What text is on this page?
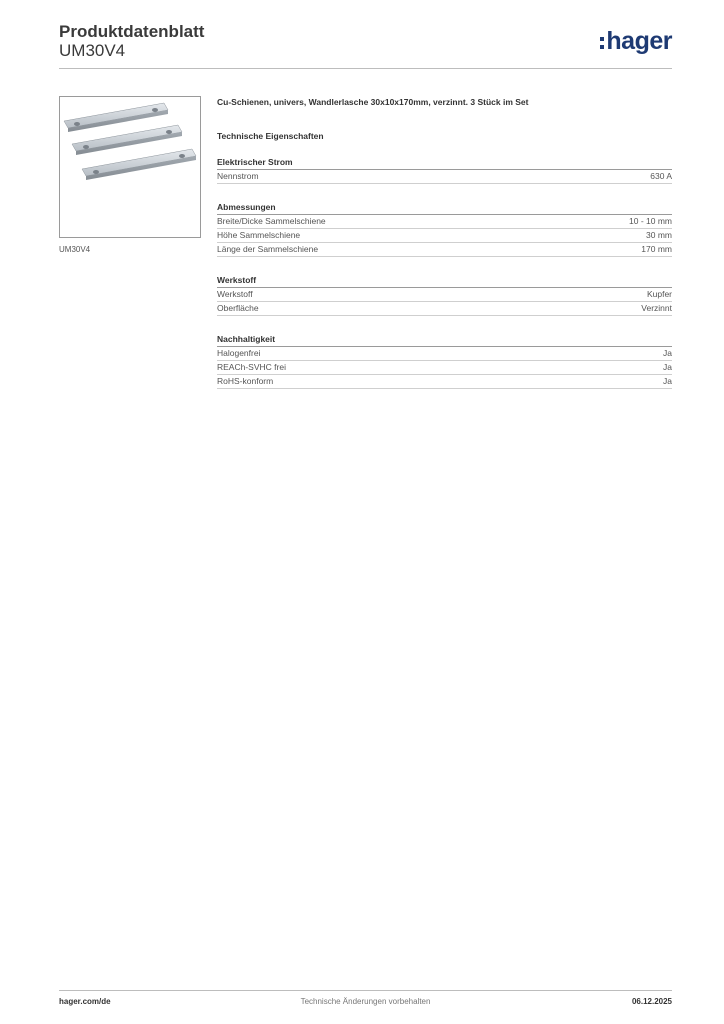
Produktdatenblatt
UM30V4	hager
UM30V4
Cu-Schienen, univers, Wandlerlasche 30x10x170mm, verzinnt. 3 Stück im Set
Technische Eigenschaften
Elektrischer Strom
Nennstrom	630 A
Abmessungen
Breite/Dicke Sammelschiene	10 - 10 mm
Höhe Sammelschiene	30 mm
Länge der Sammelschiene	170 mm
Werkstoff
Werkstoff	Kupfer
Oberfläche	Verzinnt
Nachhaltigkeit
Halogenfrei	Ja
REACh-SVHC frei	Ja
RoHS-konform	Ja
hager.com/de	Technische Änderungen vorbehalten	06.12.2025
